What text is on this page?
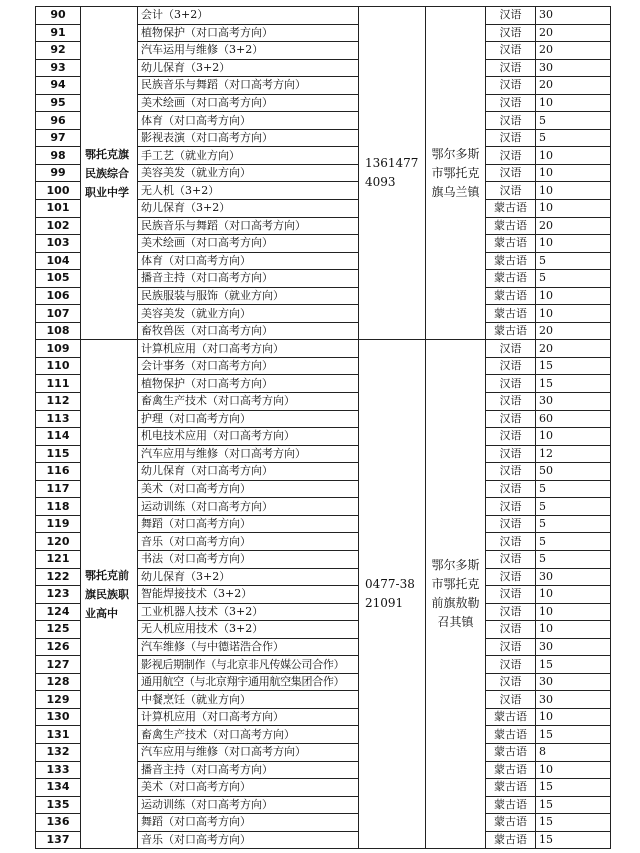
90	鄂托克旗民族综合职业中学	会计（3+2）	13614774093	鄂尔多斯市鄂托克旗乌兰镇	汉语	30
91		植物保护（对口高考方向）			汉语	20
92		汽车运用与维修（3+2）			汉语	20
93		幼儿保育（3+2）			汉语	30
94		民族音乐与舞蹈（对口高考方向）			汉语	20
95		美术绘画（对口高考方向）			汉语	10
96		体育（对口高考方向）			汉语	5
97		影视表演（对口高考方向）			汉语	5
98		手工艺（就业方向）			汉语	10
99		美容美发（就业方向）			汉语	10
100		无人机（3+2）			汉语	10
101		幼儿保育（3+2）			蒙古语	10
102		民族音乐与舞蹈（对口高考方向）			蒙古语	20
103		美术绘画（对口高考方向）			蒙古语	10
104		体育（对口高考方向）			蒙古语	5
105		播音主持（对口高考方向）			蒙古语	5
106		民族服装与服饰（就业方向）			蒙古语	10
107		美容美发（就业方向）			蒙古语	10
108		畜牧兽医（对口高考方向）			蒙古语	20
109	鄂托克前旗民族职业高中	计算机应用（对口高考方向）	0477-3821091	鄂尔多斯市鄂托克前旗敖勒召其镇	汉语	20
110		会计事务（对口高考方向）			汉语	15
111		植物保护（对口高考方向）			汉语	15
112		畜禽生产技术（对口高考方向）			汉语	30
113		护理（对口高考方向）			汉语	60
114		机电技术应用（对口高考方向）			汉语	10
115		汽车应用与维修（对口高考方向）			汉语	12
116		幼儿保育（对口高考方向）			汉语	50
117		美术（对口高考方向）			汉语	5
118		运动训练（对口高考方向）			汉语	5
119		舞蹈（对口高考方向）			汉语	5
120		音乐（对口高考方向）			汉语	5
121		书法（对口高考方向）			汉语	5
122		幼儿保育（3+2）			汉语	30
123		智能焊接技术（3+2）			汉语	10
124		工业机器人技术（3+2）			汉语	10
125		无人机应用技术（3+2）			汉语	10
126		汽车维修（与中德诺浩合作）			汉语	30
127		影视后期制作（与北京非凡传媒公司合作）			汉语	15
128		通用航空（与北京翔宇通用航空集团合作）			汉语	30
129		中餐烹饪（就业方向）			汉语	30
130		计算机应用（对口高考方向）			蒙古语	10
131		畜禽生产技术（对口高考方向）			蒙古语	15
132		汽车应用与维修（对口高考方向）			蒙古语	8
133		播音主持（对口高考方向）			蒙古语	10
134		美术（对口高考方向）			蒙古语	15
135		运动训练（对口高考方向）			蒙古语	15
136		舞蹈（对口高考方向）			蒙古语	15
137		音乐（对口高考方向）			蒙古语	15
